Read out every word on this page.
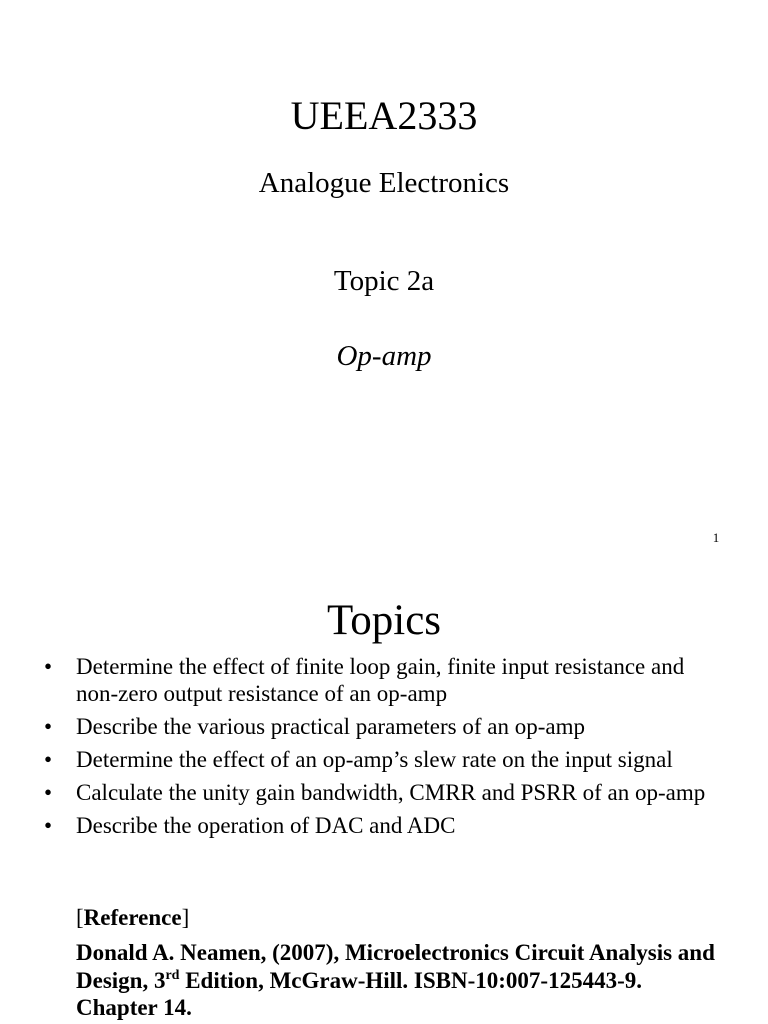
UEEA2333
Analogue Electronics
Topic 2a
Op-amp
1
Topics
• Determine the effect of finite loop gain, finite input resistance and non-zero output resistance of an op-amp
• Describe the various practical parameters of an op-amp
• Determine the effect of an op-amp’s slew rate on the input signal
• Calculate the unity gain bandwidth, CMRR and PSRR of an op-amp
• Describe the operation of DAC and ADC
[Reference]
Donald A. Neamen, (2007), Microelectronics Circuit Analysis and Design, 3rd Edition, McGraw-Hill. ISBN-10:007-125443-9. Chapter 14.
